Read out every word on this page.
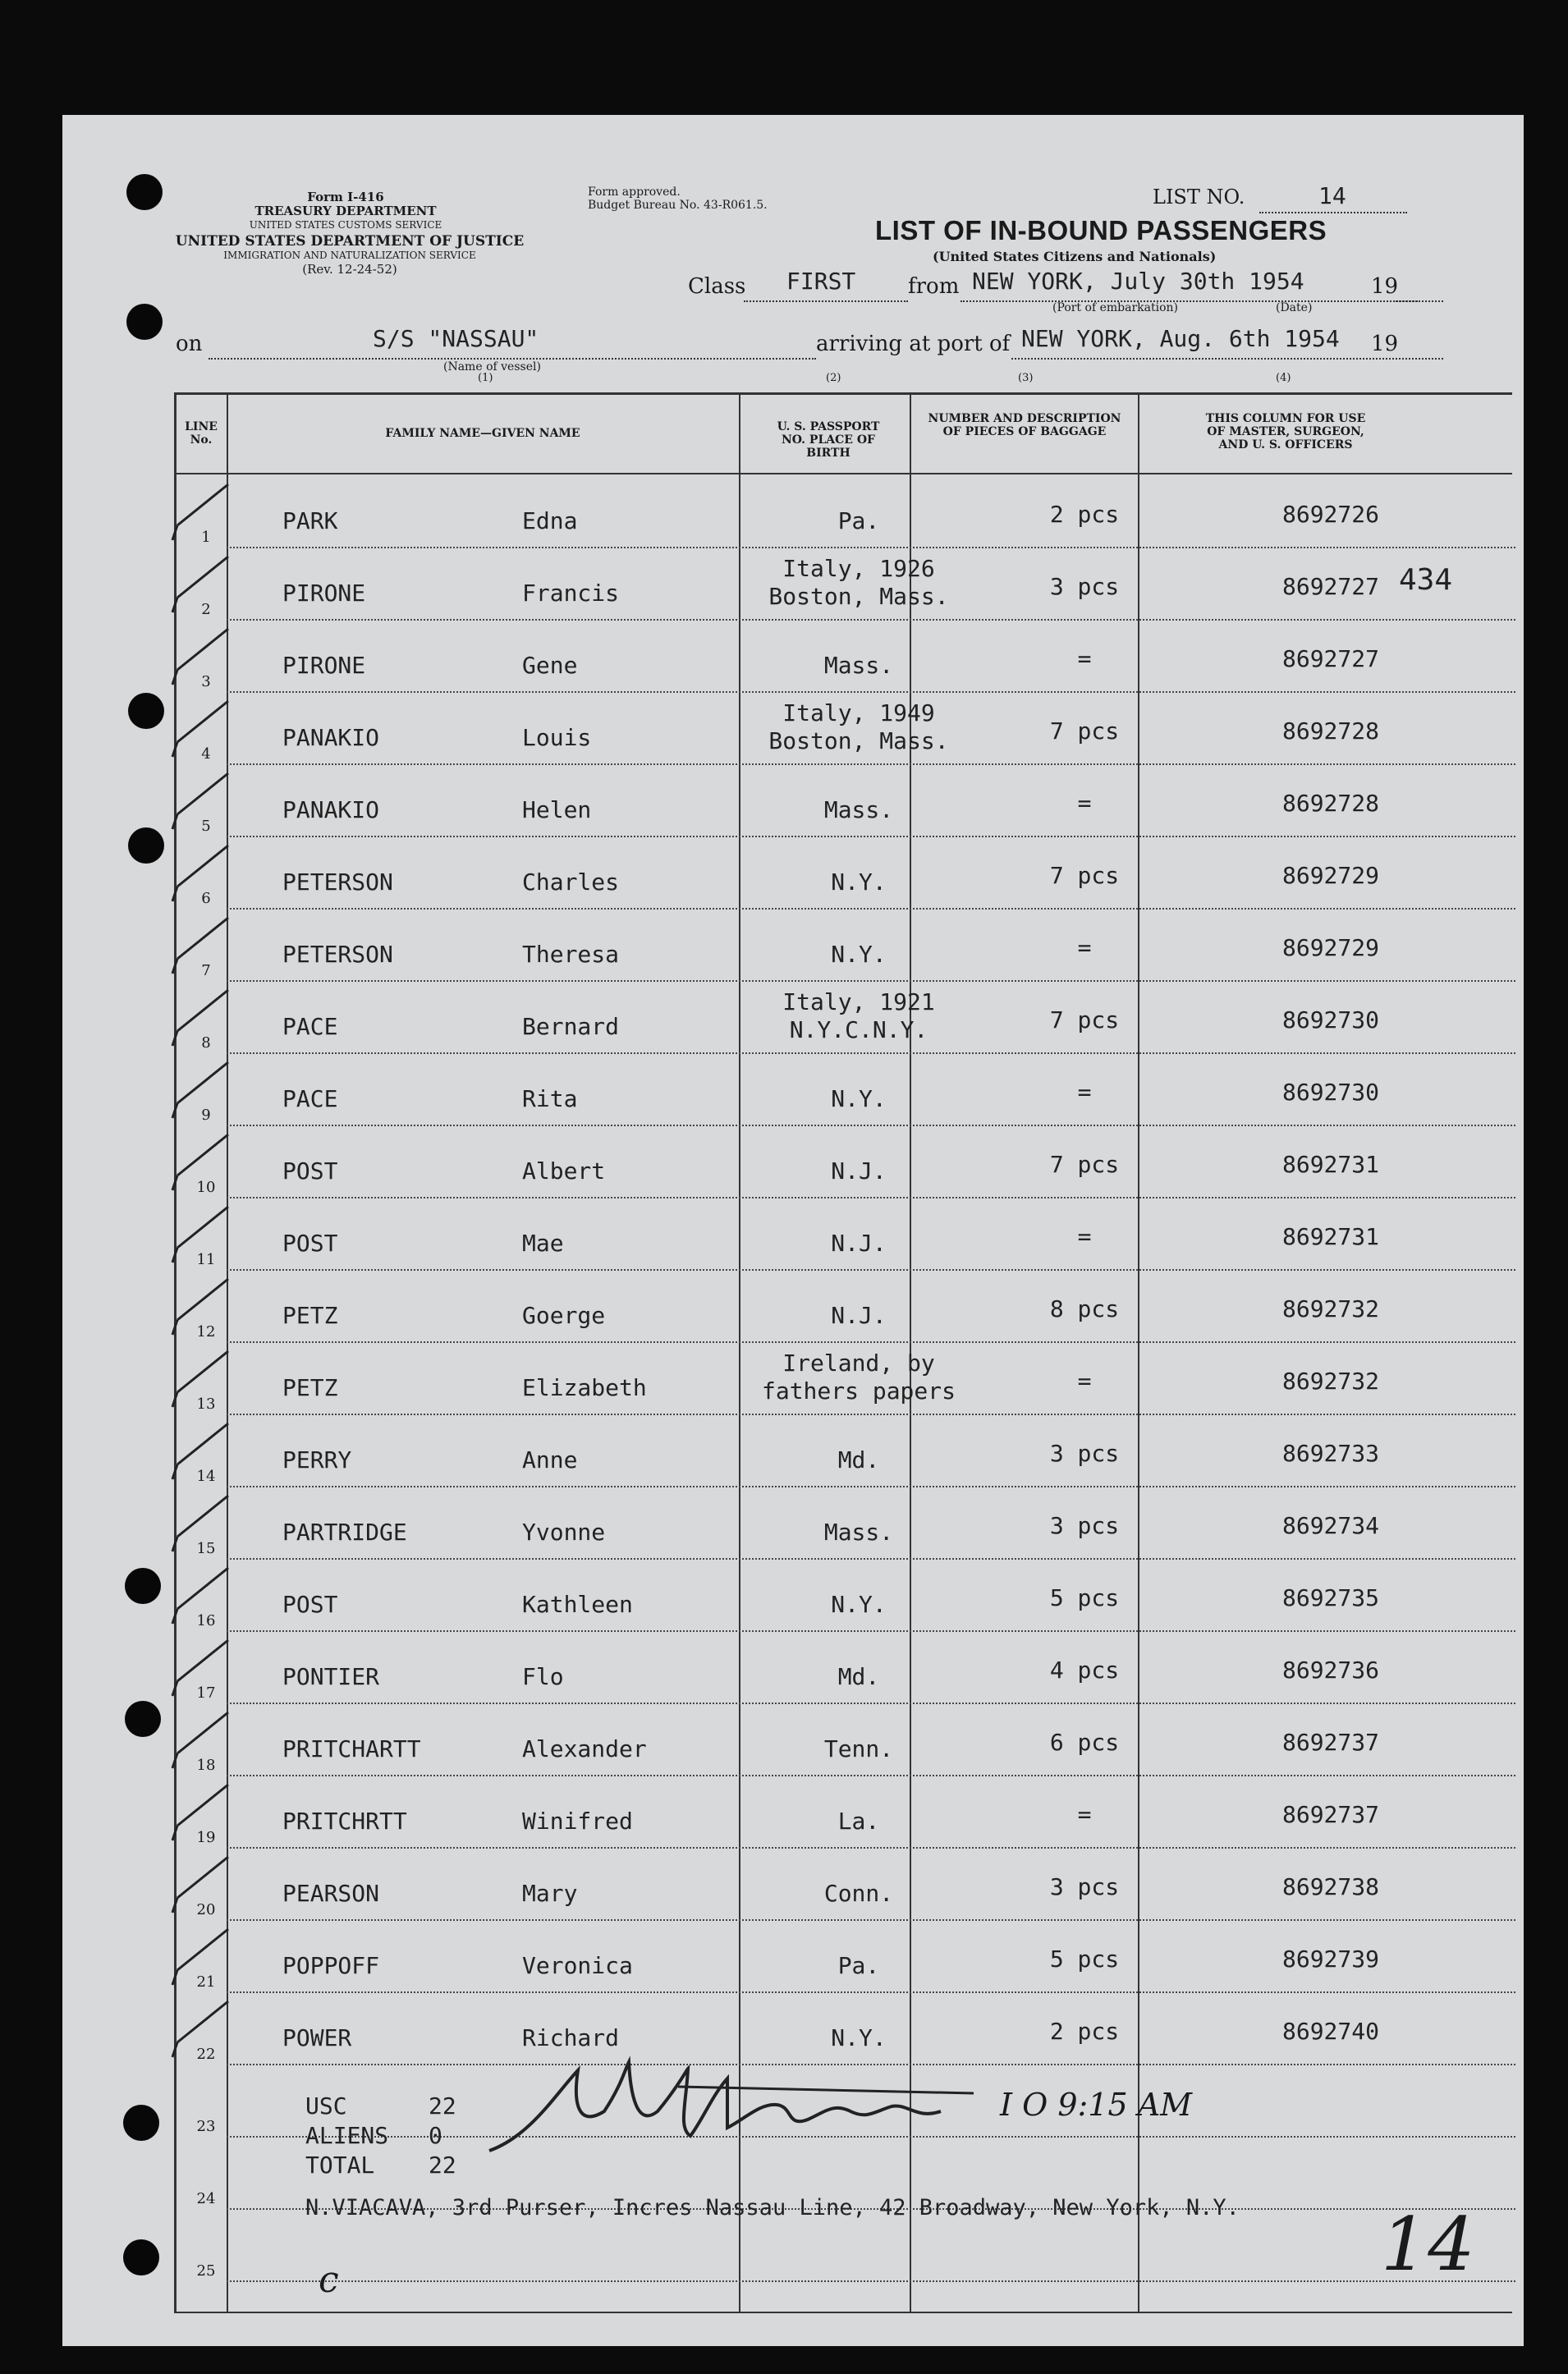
Form I-416
TREASURY DEPARTMENT
UNITED STATES CUSTOMS SERVICE
UNITED STATES DEPARTMENT OF JUSTICE
IMMIGRATION AND NATURALIZATION SERVICE
(Rev. 12-24-52)
Form approved.
Budget Bureau No. 43-R061.5.	LIST NO.	14
LIST OF IN-BOUND PASSENGERS
(United States Citizens and Nationals)
Class FIRST from NEW YORK, July 30th 1954	19
(Port of embarkation)	(Date)
on	S/S "NASSAU"
(Name of vessel)
(1)
arriving at port of NEW YORK, Aug. 6th 1954 19
(2)	(3)	(4)
LINE No.	FAMILY NAME—GIVEN NAME	U. S. PASSPORT NO. PLACE OF BIRTH
NUMBER AND DESCRIPTION OF PIECES OF BAGGAGE
THIS COLUMN FOR USE OF MASTER, SURGEON, AND U. S. OFFICERS
1
PARK	Edna	Pa.	2 pcs	8692726
2
PIRONE	Francis
Italy, 1926
Boston, Mass.	3 pcs	8692727
3
PIRONE	Gene	Mass.	=	8692727
4
PANAKIO	Louis
Italy, 1949
Boston, Mass.	7 pcs	8692728
5
PANAKIO	Helen	Mass.	=	8692728
6
PETERSON	Charles	N.Y.	7 pcs	8692729
7
PETERSON	Theresa	N.Y.	=	8692729
8
PACE	Bernard
Italy, 1921
N.Y.C.N.Y.	7 pcs	8692730
9
PACE	Rita	N.Y.	=	8692730
10
POST	Albert	N.J.	7 pcs	8692731
11
POST	Mae	N.J.	=	8692731
12
PETZ	Goerge	N.J.	8 pcs	8692732
13
PETZ	Elizabeth
Ireland, by
fathers papers	=	8692732
14
PERRY	Anne	Md.	3 pcs	8692733
15
PARTRIDGE	Yvonne	Mass.	3 pcs	8692734
16
POST	Kathleen	N.Y.	5 pcs	8692735
17
PONTIER	Flo	Md.	4 pcs	8692736
18
PRITCHARTT	Alexander	Tenn.	6 pcs	8692737
19
PRITCHRTT	Winifred	La.	=	8692737
20
PEARSON	Mary	Conn.	3 pcs	8692738
21
POPPOFF	Veronica	Pa.	5 pcs	8692739
22
POWER	Richard	N.Y.	2 pcs	8692740
23
24
25
434
USC	22
ALIENS 0
TOTAL 22
I O 9:15 AM
N.VIACAVA, 3rd Purser, Incres Nassau Line, 42 Broadway, New York, N.Y. 14
c
